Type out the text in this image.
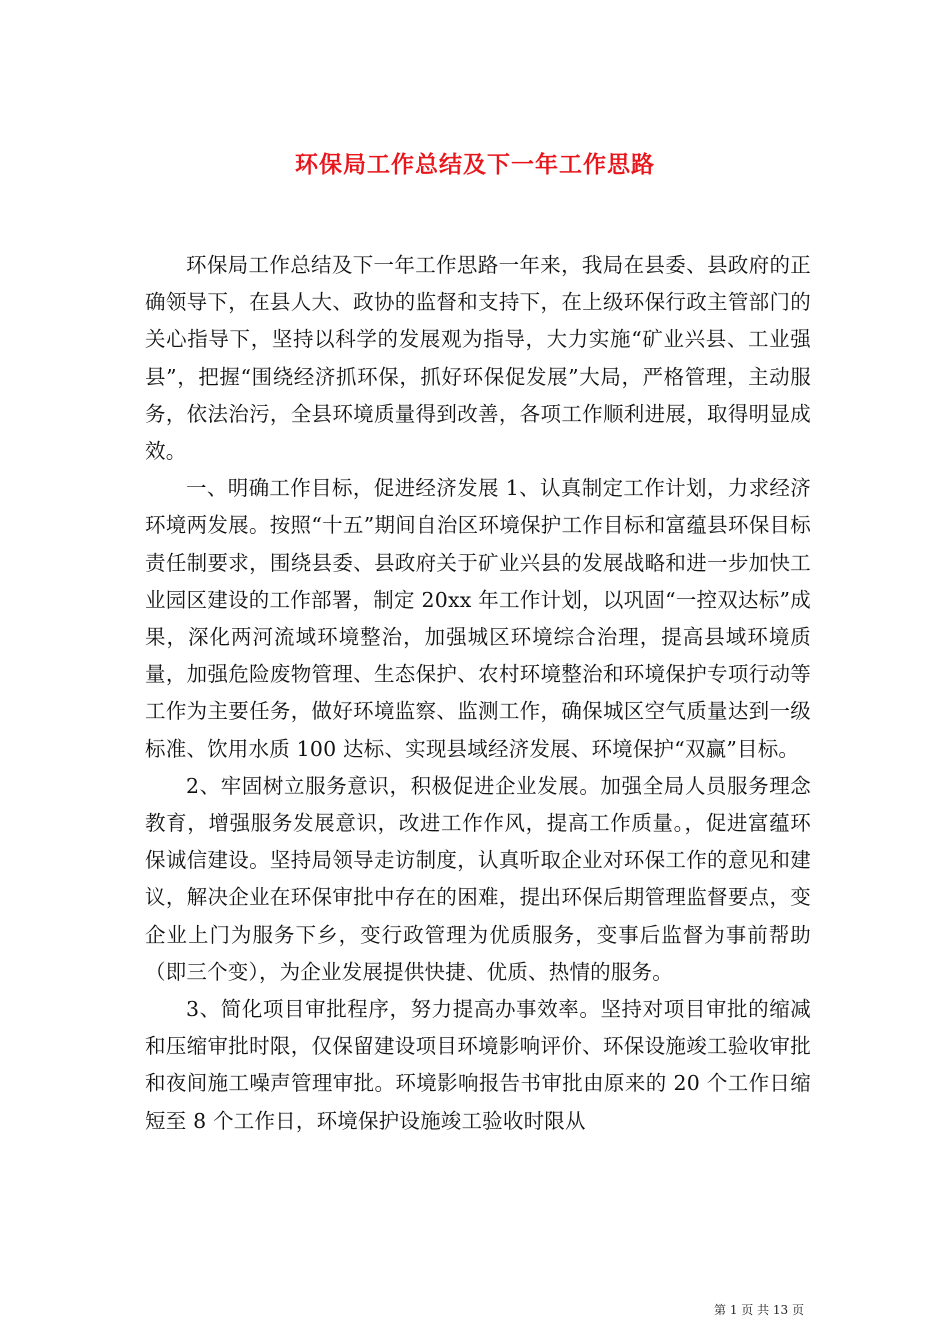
环保局工作总结及下一年工作思路

环保局工作总结及下一年工作思路一年来，我局在县委、县政府的正确领导下，在县人大、政协的监督和支持下，在上级环保行政主管部门的关心指导下，坚持以科学的发展观为指导，大力实施“矿业兴县、工业强县”，把握“围绕经济抓环保，抓好环保促发展”大局，严格管理，主动服务，依法治污，全县环境质量得到改善，各项工作顺利进展，取得明显成效。

一、明确工作目标，促进经济发展 1、认真制定工作计划，力求经济环境两发展。按照“十五”期间自治区环境保护工作目标和富蕴县环保目标责任制要求，围绕县委、县政府关于矿业兴县的发展战略和进一步加快工业园区建设的工作部署，制定 20xx 年工作计划，以巩固“一控双达标”成果，深化两河流域环境整治，加强城区环境综合治理，提高县域环境质量，加强危险废物管理、生态保护、农村环境整治和环境保护专项行动等工作为主要任务，做好环境监察、监测工作，确保城区空气质量达到一级标准、饮用水质 100 达标、实现县域经济发展、环境保护“双赢”目标。

2、牢固树立服务意识，积极促进企业发展。加强全局人员服务理念教育，增强服务发展意识，改进工作作风，提高工作质量。，促进富蕴环保诚信建设。坚持局领导走访制度，认真听取企业对环保工作的意见和建议，解决企业在环保审批中存在的困难，提出环保后期管理监督要点，变企业上门为服务下乡，变行政管理为优质服务，变事后监督为事前帮助（即三个变），为企业发展提供快捷、优质、热情的服务。

3、简化项目审批程序，努力提高办事效率。坚持对项目审批的缩减和压缩审批时限，仅保留建设项目环境影响评价、环保设施竣工验收审批和夜间施工噪声管理审批。环境影响报告书审批由原来的 20 个工作日缩短至 8 个工作日，环境保护设施竣工验收时限从

第 1 页 共 13 页
